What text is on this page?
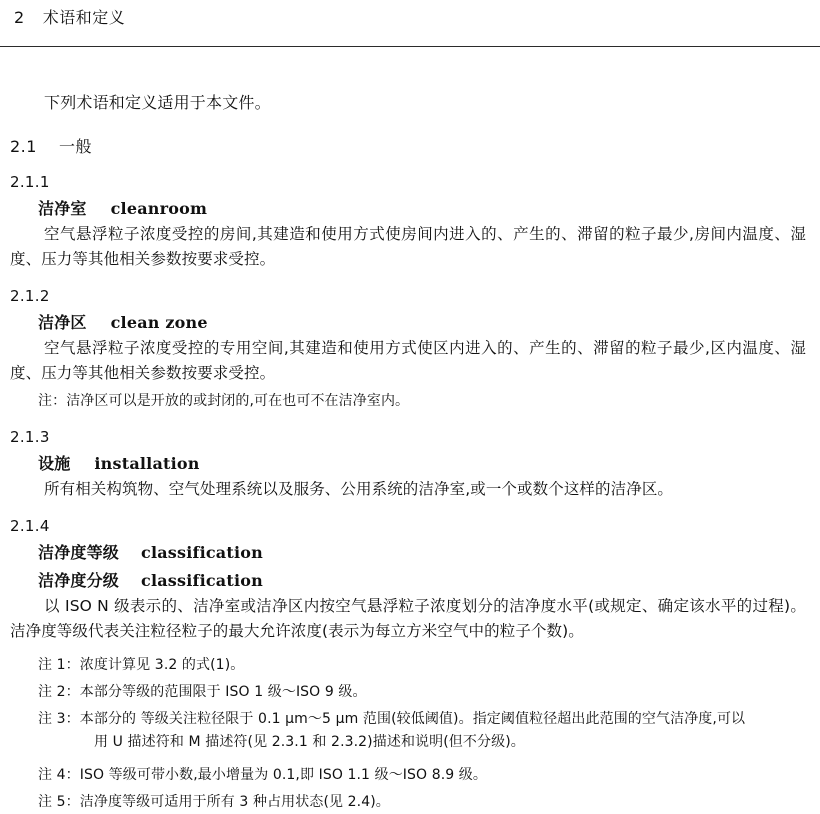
2 术语和定义
下列术语和定义适用于本文件。
2.1 一般
2.1.1
洁净室 cleanroom
空气悬浮粒子浓度受控的房间,其建造和使用方式使房间内进入的、产生的、滞留的粒子最少,房间内温度、湿度、压力等其他相关参数按要求受控。
2.1.2
洁净区 clean zone
空气悬浮粒子浓度受控的专用空间,其建造和使用方式使区内进入的、产生的、滞留的粒子最少,区内温度、湿度、压力等其他相关参数按要求受控。
注：洁净区可以是开放的或封闭的,可在也可不在洁净室内。
2.1.3
设施 installation
所有相关构筑物、空气处理系统以及服务、公用系统的洁净室,或一个或数个这样的洁净区。
2.1.4
洁净度等级 classification
洁净度分级 classification
以 ISO N 级表示的、洁净室或洁净区内按空气悬浮粒子浓度划分的洁净度水平(或规定、确定该水平的过程)。洁净度等级代表关注粒径粒子的最大允许浓度(表示为每立方米空气中的粒子个数)。
注 1：浓度计算见 3.2 的式(1)。
注 2：本部分等级的范围限于 ISO 1 级～ISO 9 级。
注 3：本部分的 等级关注粒径限于 0.1 μm～5 μm 范围(较低阈值)。指定阈值粒径超出此范围的空气洁净度,可以
用 U 描述符和 M 描述符(见 2.3.1 和 2.3.2)描述和说明(但不分级)。
注 4：ISO 等级可带小数,最小增量为 0.1,即 ISO 1.1 级～ISO 8.9 级。
注 5：洁净度等级可适用于所有 3 种占用状态(见 2.4)。
